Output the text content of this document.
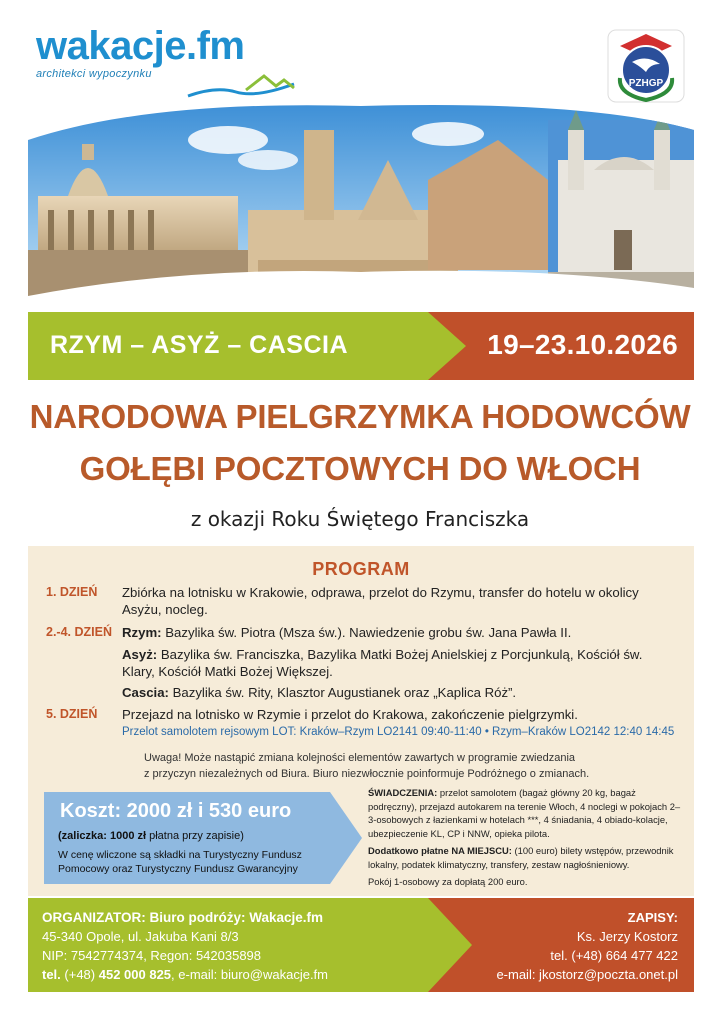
wakacje.fm
architekci wypoczynku
PZHGP
RZYM – ASYŻ – CASCIA	19–23.10.2026
NARODOWA PIELGRZYMKA HODOWCÓW
GOŁĘBI POCZTOWYCH DO WŁOCH
z okazji Roku Świętego Franciszka
PROGRAM
1. DZIEŃ Zbiórka na lotnisku w Krakowie, odprawa, przelot do Rzymu, transfer do hotelu w okolicy Asyżu, nocleg.
2.-4. DZIEŃ Rzym: Bazylika św. Piotra (Msza św.). Nawiedzenie grobu św. Jana Pawła II.
Asyż: Bazylika św. Franciszka, Bazylika Matki Bożej Anielskiej z Porcjunkulą, Kościół św. Klary, Kościół Matki Bożej Większej.
Cascia: Bazylika św. Rity, Klasztor Augustianek oraz „Kaplica Róż”.
5. DZIEŃ Przejazd na lotnisko w Rzymie i przelot do Krakowa, zakończenie pielgrzymki.
Przelot samolotem rejsowym LOT: Kraków–Rzym LO2141 09:40-11:40 • Rzym–Kraków LO2142 12:40 14:45
Uwaga! Może nastąpić zmiana kolejności elementów zawartych w programie zwiedzania
z przyczyn niezależnych od Biura. Biuro niezwłocznie poinformuje Podróżnego o zmianach.
Koszt: 2000 zł i 530 euro
(zaliczka: 1000 zł płatna przy zapisie)
W cenę wliczone są składki na Turystyczny Fundusz Pomocowy oraz Turystyczny Fundusz Gwarancyjny

ŚWIADCZENIA: przelot samolotem (bagaż główny 20 kg, bagaż podręczny), przejazd autokarem na terenie Włoch, 4 noclegi w pokojach 2–3-osobowych z łazienkami w hotelach ***, 4 śniadania, 4 obiado-kolacje, ubezpieczenie KL, CP i NNW, opieka pilota.

Dodatkowo płatne NA MIEJSCU: (100 euro) bilety wstępów, przewodnik lokalny, podatek klimatyczny, transfery, zestaw nagłośnieniowy.

Pokój 1-osobowy za dopłatą 200 euro.

ORGANIZATOR: Biuro podróży: Wakacje.fm
45-340 Opole, ul. Jakuba Kani 8/3
NIP: 7542774374, Regon: 542035898
tel. (+48) 452 000 825, e-mail: biuro@wakacje.fm
ZAPISY:
Ks. Jerzy Kostorz
tel. (+48) 664 477 422
e-mail: jkostorz@poczta.onet.pl
